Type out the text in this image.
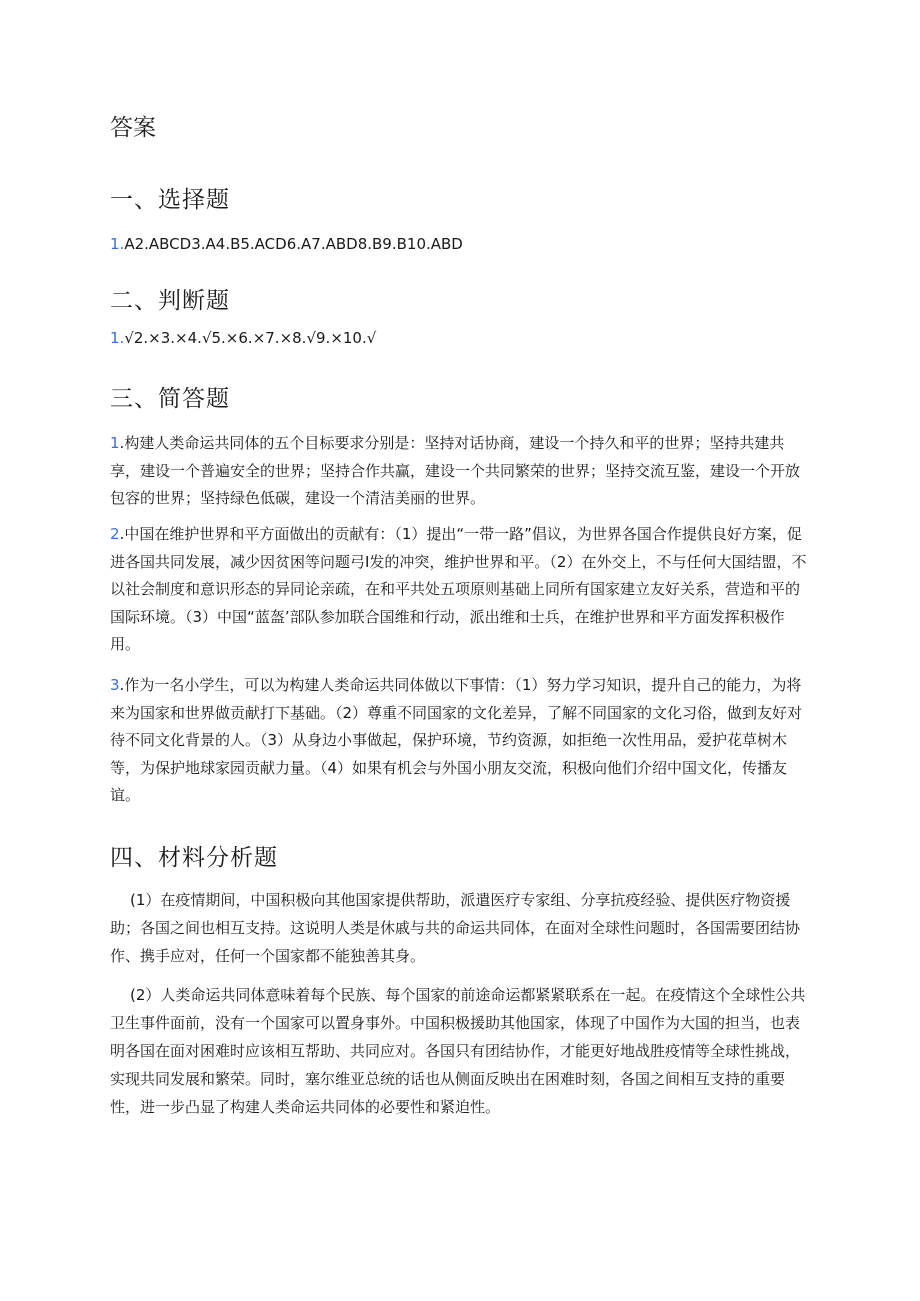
答案
一、选择题
1.A2.ABCD3.A4.B5.ACD6.A7.ABD8.B9.B10.ABD
二、判断题
1.√2.×3.×4.√5.×6.×7.×8.√9.×10.√
三、简答题
1.构建人类命运共同体的五个目标要求分别是：坚持对话协商，建设一个持久和平的世界；坚持共建共享，建设一个普遍安全的世界；坚持合作共赢，建设一个共同繁荣的世界；坚持交流互鉴，建设一个开放包容的世界；坚持绿色低碳，建设一个清洁美丽的世界。
2.中国在维护世界和平方面做出的贡献有：（1）提出“一带一路”倡议，为世界各国合作提供良好方案，促进各国共同发展，减少因贫困等问题弓I发的冲突，维护世界和平。（2）在外交上，不与任何大国结盟，不以社会制度和意识形态的异同论亲疏，在和平共处五项原则基础上同所有国家建立友好关系，营造和平的国际环境。（3）中国“蓝盔’部队参加联合国维和行动，派出维和士兵，在维护世界和平方面发挥积极作用。
3.作为一名小学生，可以为构建人类命运共同体做以下事情：（1）努力学习知识，提升自己的能力，为将来为国家和世界做贡献打下基础。（2）尊重不同国家的文化差异，了解不同国家的文化习俗，做到友好对待不同文化背景的人。（3）从身边小事做起，保护环境，节约资源，如拒绝一次性用品，爱护花草树木等，为保护地球家园贡献力量。（4）如果有机会与外国小朋友交流，积极向他们介绍中国文化，传播友谊。
四、材料分析题

(1）在疫情期间，中国积极向其他国家提供帮助，派遣医疗专家组、分享抗疫经验、提供医疗物资援助；各国之间也相互支持。这说明人类是休戚与共的命运共同体，在面对全球性问题时，各国需要团结协作、携手应对，任何一个国家都不能独善其身。

(2）人类命运共同体意味着每个民族、每个国家的前途命运都紧紧联系在一起。在疫情这个全球性公共卫生事件面前，没有一个国家可以置身事外。中国积极援助其他国家，体现了中国作为大国的担当，也表明各国在面对困难时应该相互帮助、共同应对。各国只有团结协作，才能更好地战胜疫情等全球性挑战，实现共同发展和繁荣。同时，塞尔维亚总统的话也从侧面反映出在困难时刻，各国之间相互支持的重要性，进一步凸显了构建人类命运共同体的必要性和紧迫性。
